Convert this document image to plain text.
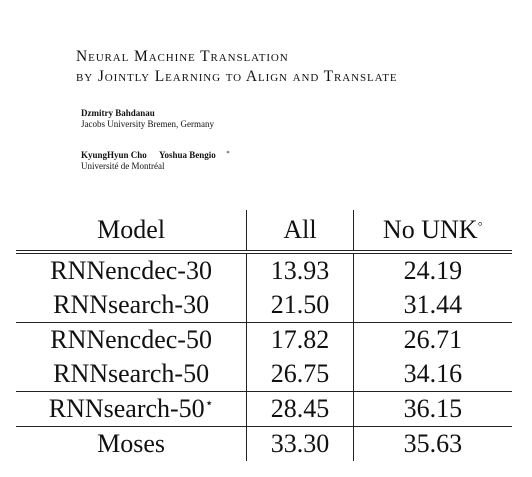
Neural Machine Translation
by Jointly Learning to Align and Translate
Dzmitry Bahdanau
Jacobs University Bremen, Germany
KyungHyun Cho Yoshua Bengio ∗
Université de Montréal
Model	All	No UNK◦
RNNencdec-30	13.93	24.19
RNNsearch-30	21.50	31.44
RNNencdec-50	17.82	26.71
RNNsearch-50	26.75	34.16
RNNsearch-50⋆	28.45	36.15
Moses	33.30	35.63
